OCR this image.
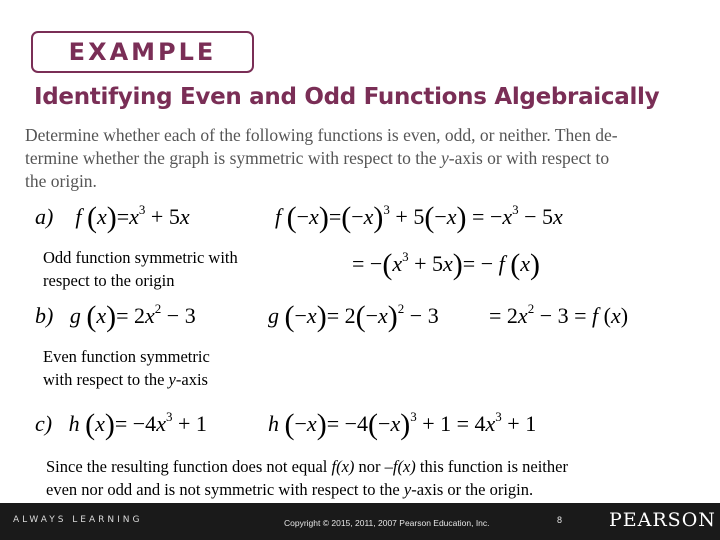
EXAMPLE
Identifying Even and Odd Functions Algebraically
Determine whether each of the following functions is even, odd, or neither. Then de-
termine whether the graph is symmetric with respect to the y-axis or with respect to
the origin.
a) f $(x)=x^3 + 5x$	f $(-x)=(-x)^3 + 5(-x) = -x^3 - 5x$
= $-(x^3 + 5x)= - f$ (x)
Odd function symmetric with
respect to the origin
b) g $(x)= 2x^2 - 3$	g $(-x)= 2(-x)^2 - 3 = 2x^2 - 3 = f$ (x)
Even function symmetric
with respect to the y-axis
c) h $(x)= -4x^3 + 1$	h $(-x)= -4(-x)^3 + 1 = 4x^3 + 1$
Since the resulting function does not equal f(x) nor –f(x) this function is neither
even nor odd and is not symmetric with respect to the y-axis or the origin.
ALWAYS LEARNING	Copyright © 2015, 2011, 2007 Pearson Education, Inc.	8 PEARSON
